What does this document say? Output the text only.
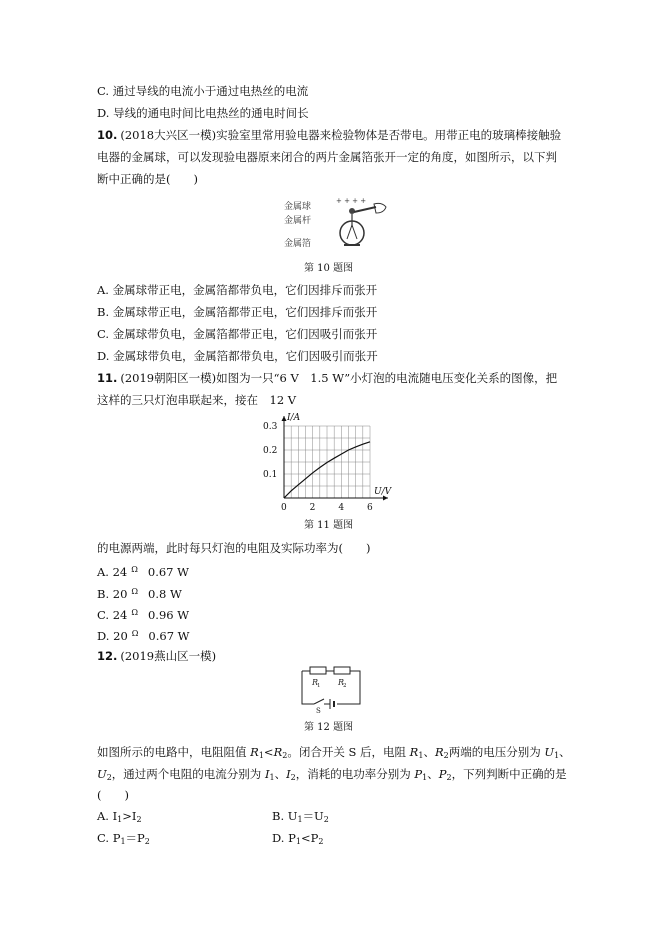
C. 通过导线的电流小于通过电热丝的电流
D. 导线的通电时间比电热丝的通电时间长
10. (2018大兴区一模)实验室里常用验电器来检验物体是否带电。用带正电的玻璃棒接触验
电器的金属球，可以发现验电器原来闭合的两片金属箔张开一定的角度，如图所示，以下判
断中正确的是(　　)
金属球
金属杆
金属箔
+ + + +
第 10 题图
A. 金属球带正电，金属箔都带负电，它们因排斥而张开
B. 金属球带正电，金属箔都带正电，它们因排斥而张开
C. 金属球带负电，金属箔都带正电，它们因吸引而张开
D. 金属球带负电，金属箔都带负电，它们因吸引而张开
11. (2019朝阳区一模)如图为一只“6 V　1.5 W”小灯泡的电流随电压变化关系的图像，把
这样的三只灯泡串联起来，接在　12 V
0	2	4	6
0.1
0.2
0.3
U/V
I/A
第 11 题图
的电源两端，此时每只灯泡的电阻及实际功率为(　　)
A. 24 $^\Omega$ 0.67 W
B. 20 $^\Omega$ 0.8 W
C. 24 $^\Omega$ 0.96 W
D. 20 $^\Omega$ 0.67 W
12. (2019燕山区一模)
R
1 R
2
S
第 12 题图
如图所示的电路中，电阻阻值 $R_1<R_2$。闭合开关 S 后，电阻 $R_1$、$R_2$两端的电压分别为 $U_1$、
$U_2$，通过两个电阻的电流分别为 $I_1$、$I_2$，消耗的电功率分别为 $P_1$、$P_2$，下列判断中正确的是
(　　)
A. $I_1>I_2$	B. $U_1=U_2$
C. $P_1=P_2$	D. $P_1<P_2$
